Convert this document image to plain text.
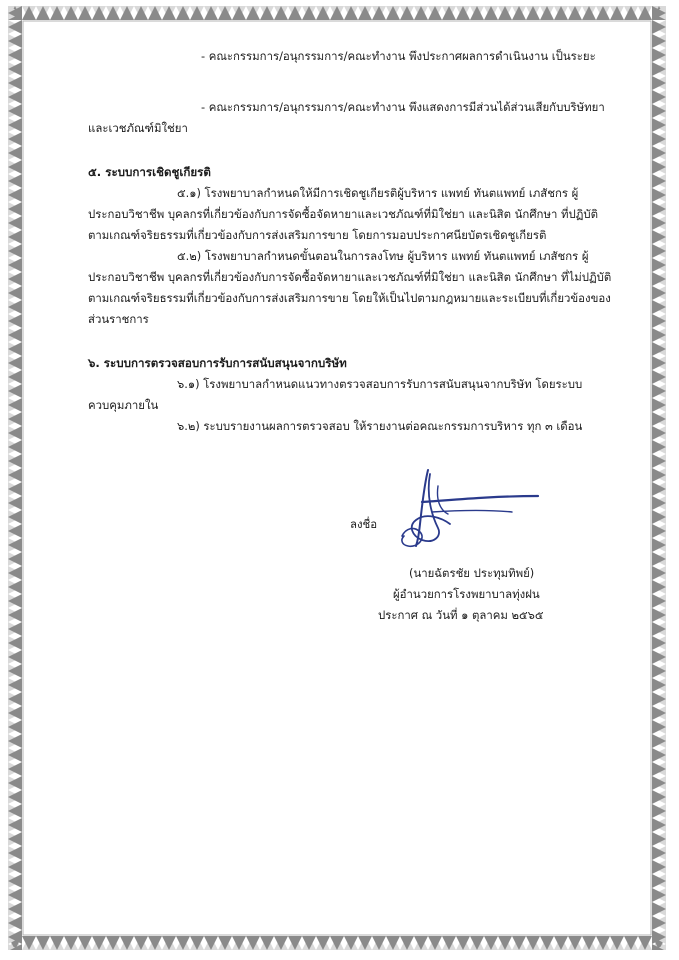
- คณะกรรมการ/อนุกรรมการ/คณะทำงาน พึงประกาศผลการดำเนินงาน เป็นระยะ
- คณะกรรมการ/อนุกรรมการ/คณะทำงาน พึงแสดงการมีส่วนได้ส่วนเสียกับบริษัทยา
และเวชภัณฑ์มิใช่ยา
๕. ระบบการเชิดชูเกียรติ
๕.๑) โรงพยาบาลกำหนดให้มีการเชิดชูเกียรติผู้บริหาร แพทย์ ทันตแพทย์ เภสัชกร ผู้
ประกอบวิชาชีพ บุคลกรที่เกี่ยวข้องกับการจัดซื้อจัดหายาและเวชภัณฑ์ที่มิใช่ยา และนิสิต นักศึกษา ที่ปฏิบัติ
ตามเกณฑ์จริยธรรมที่เกี่ยวข้องกับการส่งเสริมการขาย โดยการมอบประกาศนียบัตรเชิดชูเกียรติ
๕.๒) โรงพยาบาลกำหนดขั้นตอนในการลงโทษ ผู้บริหาร แพทย์ ทันตแพทย์ เภสัชกร ผู้
ประกอบวิชาชีพ บุคลกรที่เกี่ยวข้องกับการจัดซื้อจัดหายาและเวชภัณฑ์ที่มิใช่ยา และนิสิต นักศึกษา ที่ไม่ปฏิบัติ
ตามเกณฑ์จริยธรรมที่เกี่ยวข้องกับการส่งเสริมการขาย โดยให้เป็นไปตามกฎหมายและระเบียบที่เกี่ยวข้องของ
ส่วนราชการ
๖. ระบบการตรวจสอบการรับการสนับสนุนจากบริษัท
๖.๑) โรงพยาบาลกำหนดแนวทางตรวจสอบการรับการสนับสนุนจากบริษัท โดยระบบ
ควบคุมภายใน
๖.๒) ระบบรายงานผลการตรวจสอบ ให้รายงานต่อคณะกรรมการบริหาร ทุก ๓ เดือน
ลงชื่อ
(นายฉัตรชัย ประทุมทิพย์)
ผู้อำนวยการโรงพยาบาลทุ่งฝน
ประกาศ ณ วันที่ ๑ ตุลาคม ๒๕๖๕
